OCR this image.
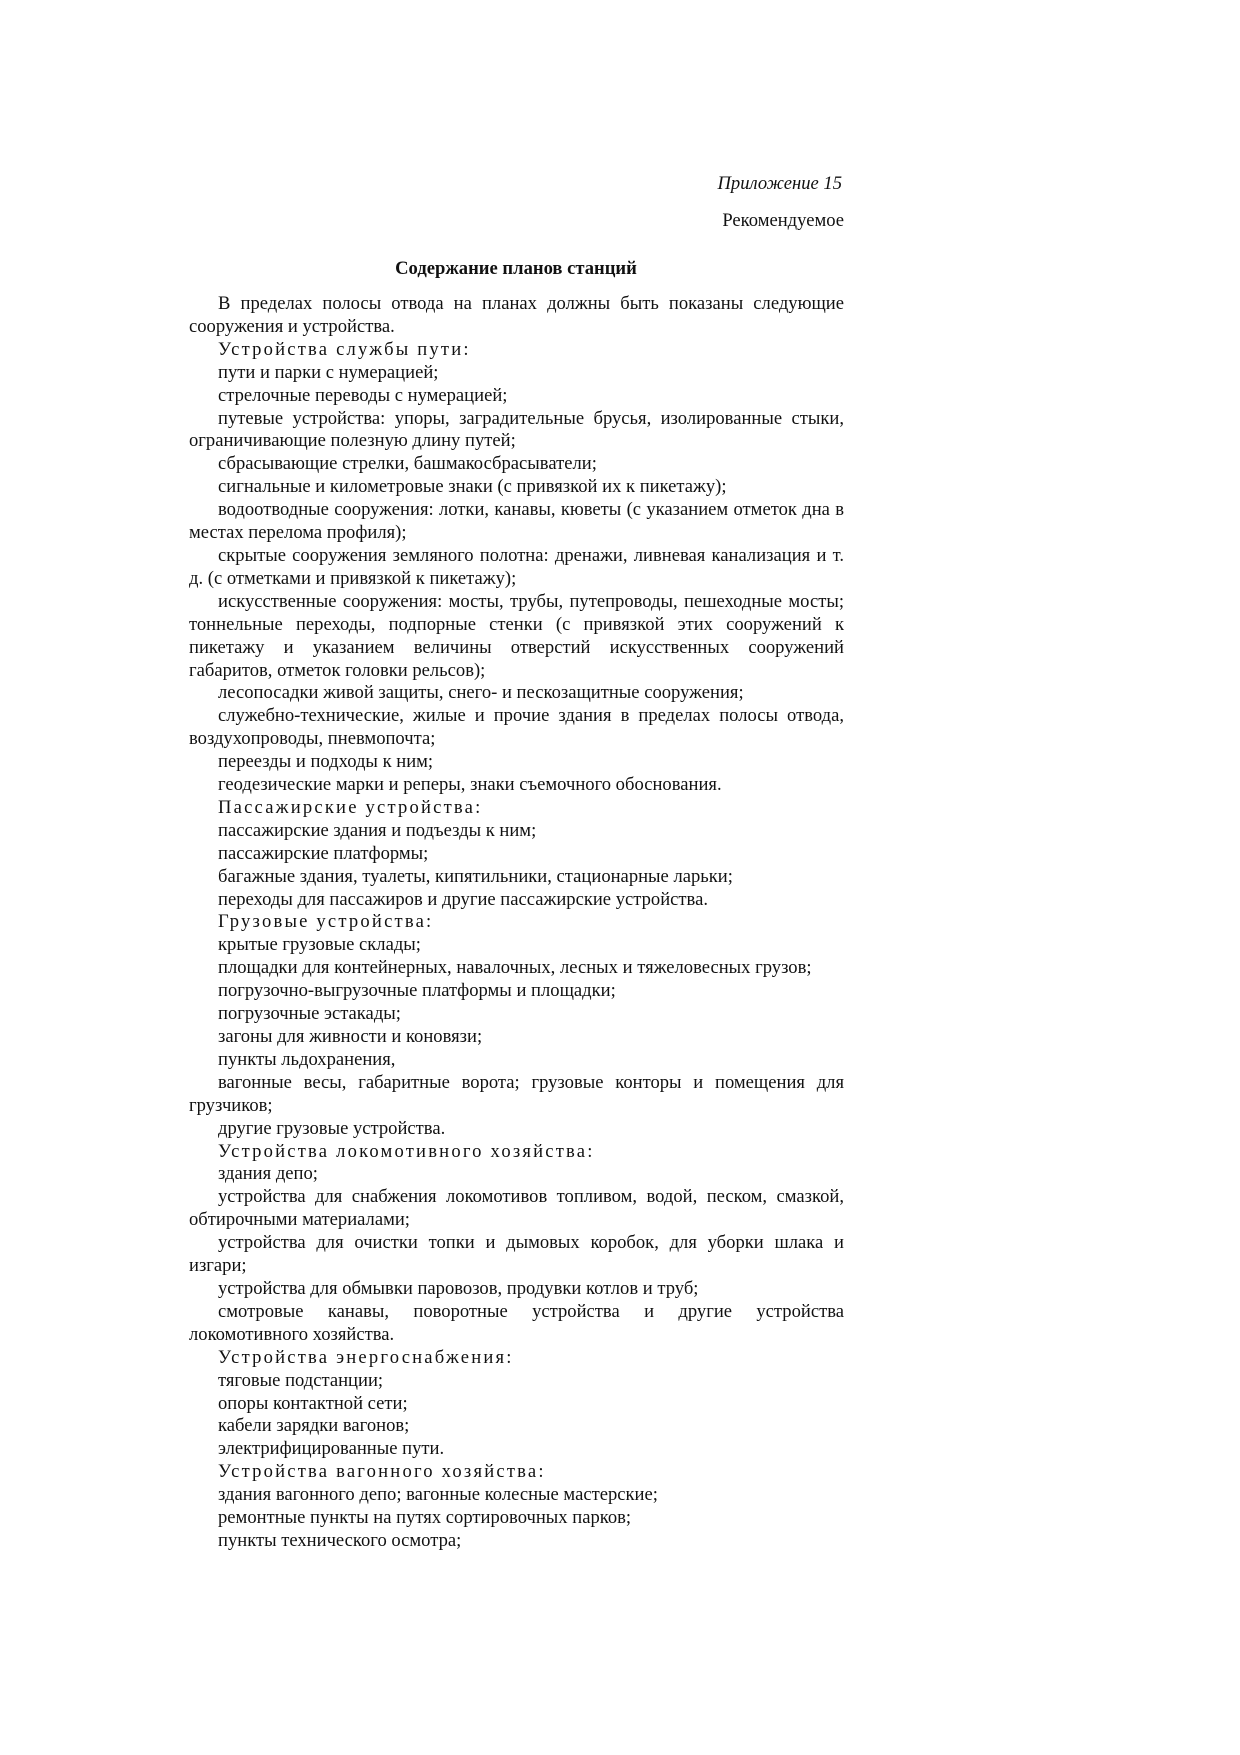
Приложение 15
Рекомендуемое
Содержание планов станций

В пределах полосы отвода на планах должны быть показаны следующие сооружения и устройства.

Устройства службы пути:

пути и парки с нумерацией;

стрелочные переводы с нумерацией;

путевые устройства: упоры, заградительные брусья, изолированные стыки, ограничивающие полезную длину путей;

сбрасывающие стрелки, башмакосбрасыватели;

сигнальные и километровые знаки (с привязкой их к пикетажу);

водоотводные сооружения: лотки, канавы, кюветы (с указанием отметок дна в местах перелома профиля);

скрытые сооружения земляного полотна: дренажи, ливневая канализация и т. д. (с отметками и привязкой к пикетажу);

искусственные сооружения: мосты, трубы, путепроводы, пешеходные мосты; тоннельные переходы, подпорные стенки (с привязкой этих сооружений к пикетажу и указанием величины отверстий искусственных сооружений габаритов, отметок головки рельсов);

лесопосадки живой защиты, снего- и пескозащитные сооружения;

служебно-технические, жилые и прочие здания в пределах полосы отвода, воздухопроводы, пневмопочта;

переезды и подходы к ним;

геодезические марки и реперы, знаки съемочного обоснования.

Пассажирские устройства:

пассажирские здания и подъезды к ним;

пассажирские платформы;

багажные здания, туалеты, кипятильники, стационарные ларьки;

переходы для пассажиров и другие пассажирские устройства.

Грузовые устройства:

крытые грузовые склады;

площадки для контейнерных, навалочных, лесных и тяжеловесных грузов;

погрузочно-выгрузочные платформы и площадки;

погрузочные эстакады;

загоны для живности и коновязи;

пункты льдохранения,

вагонные весы, габаритные ворота; грузовые конторы и помещения для грузчиков;

другие грузовые устройства.

Устройства локомотивного хозяйства:

здания депо;

устройства для снабжения локомотивов топливом, водой, песком, смазкой, обтирочными материалами;

устройства для очистки топки и дымовых коробок, для уборки шлака и изгари;

устройства для обмывки паровозов, продувки котлов и труб;

смотровые канавы, поворотные устройства и другие устройства локомотивного хозяйства.

Устройства энергоснабжения:

тяговые подстанции;

опоры контактной сети;

кабели зарядки вагонов;

электрифицированные пути.

Устройства вагонного хозяйства:

здания вагонного депо; вагонные колесные мастерские;

ремонтные пункты на путях сортировочных парков;

пункты технического осмотра;
